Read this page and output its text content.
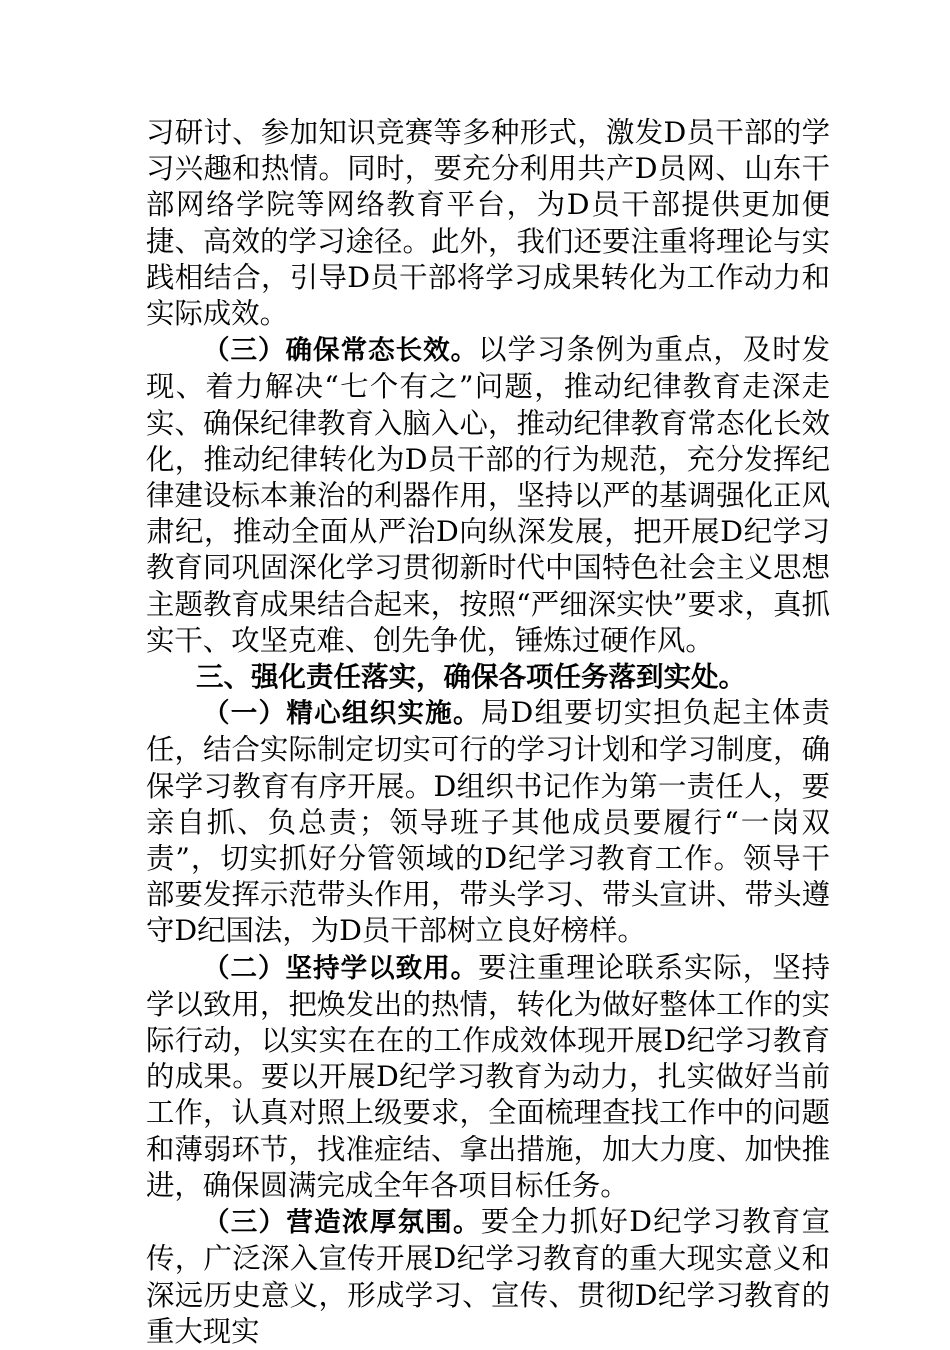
习研讨、参加知识竞赛等多种形式，激发D员干部的学习兴趣和热情。同时，要充分利用共产D员网、山东干部网络学院等网络教育平台，为D员干部提供更加便捷、高效的学习途径。此外，我们还要注重将理论与实践相结合，引导D员干部将学习成果转化为工作动力和实际成效。

（三）确保常态长效。以学习条例为重点，及时发现、着力解决“七个有之”问题，推动纪律教育走深走实、确保纪律教育入脑入心，推动纪律教育常态化长效化，推动纪律转化为D员干部的行为规范，充分发挥纪律建设标本兼治的利器作用，坚持以严的基调强化正风肃纪，推动全面从严治D向纵深发展，把开展D纪学习教育同巩固深化学习贯彻新时代中国特色社会主义思想主题教育成果结合起来，按照“严细深实快”要求，真抓实干、攻坚克难、创先争优，锤炼过硬作风。

三、强化责任落实，确保各项任务落到实处。

（一）精心组织实施。局D组要切实担负起主体责任，结合实际制定切实可行的学习计划和学习制度，确保学习教育有序开展。D组织书记作为第一责任人，要亲自抓、负总责；领导班子其他成员要履行“一岗双责”，切实抓好分管领域的D纪学习教育工作。领导干部要发挥示范带头作用，带头学习、带头宣讲、带头遵守D纪国法，为D员干部树立良好榜样。

（二）坚持学以致用。要注重理论联系实际，坚持学以致用，把焕发出的热情，转化为做好整体工作的实际行动，以实实在在的工作成效体现开展D纪学习教育的成果。要以开展D纪学习教育为动力，扎实做好当前工作，认真对照上级要求，全面梳理查找工作中的问题和薄弱环节，找准症结、拿出措施，加大力度、加快推进，确保圆满完成全年各项目标任务。

（三）营造浓厚氛围。要全力抓好D纪学习教育宣传，广泛深入宣传开展D纪学习教育的重大现实意义和深远历史意义，形成学习、宣传、贯彻D纪学习教育的重大现实
